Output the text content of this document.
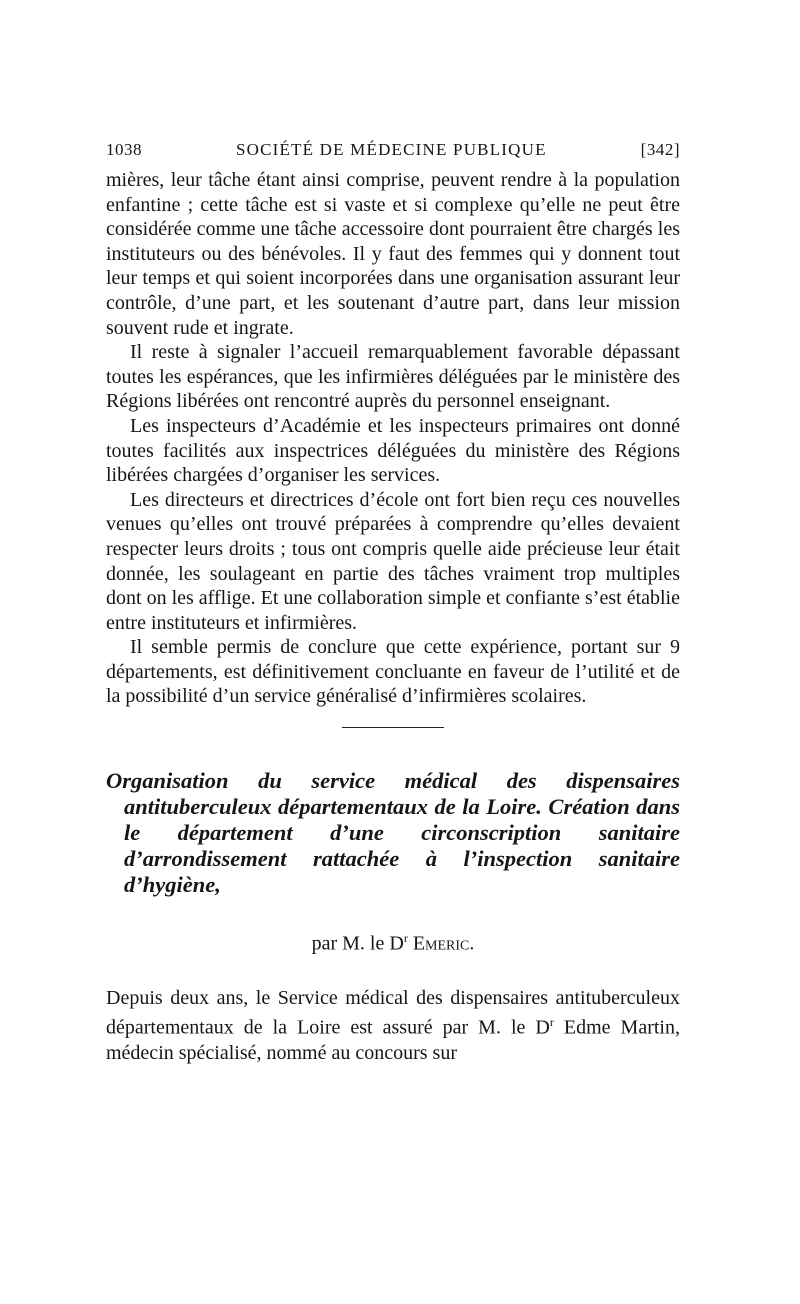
1038	SOCIÉTÉ DE MÉDECINE PUBLIQUE	[342]

mières, leur tâche étant ainsi comprise, peuvent rendre à la population enfantine ; cette tâche est si vaste et si complexe qu’elle ne peut être considérée comme une tâche accessoire dont pourraient être chargés les instituteurs ou des bénévoles. Il y faut des femmes qui y donnent tout leur temps et qui soient incorporées dans une organisation assurant leur contrôle, d’une part, et les soutenant d’autre part, dans leur mission souvent rude et ingrate.

Il reste à signaler l’accueil remarquablement favorable dépassant toutes les espérances, que les infirmières déléguées par le ministère des Régions libérées ont rencontré auprès du personnel enseignant.

Les inspecteurs d’Académie et les inspecteurs primaires ont donné toutes facilités aux inspectrices déléguées du ministère des Régions libérées chargées d’organiser les services.

Les directeurs et directrices d’école ont fort bien reçu ces nouvelles venues qu’elles ont trouvé préparées à comprendre qu’elles devaient respecter leurs droits ; tous ont compris quelle aide précieuse leur était donnée, les soulageant en partie des tâches vraiment trop multiples dont on les afflige. Et une collaboration simple et confiante s’est établie entre instituteurs et infirmières.

Il semble permis de conclure que cette expérience, portant sur 9 départements, est définitivement concluante en faveur de l’utilité et de la possibilité d’un service généralisé d’infirmières scolaires.

Organisation du service médical des dispensaires antituberculeux départementaux de la Loire. Création dans le département d’une circonscription sanitaire d’arrondissement rattachée à l’inspection sanitaire d’hygiène,
par M. le $D^r$ Emeric.

Depuis deux ans, le Service médical des dispensaires antituberculeux départementaux de la Loire est assuré par M. le $D^r$ Edme Martin, médecin spécialisé, nommé au concours sur
